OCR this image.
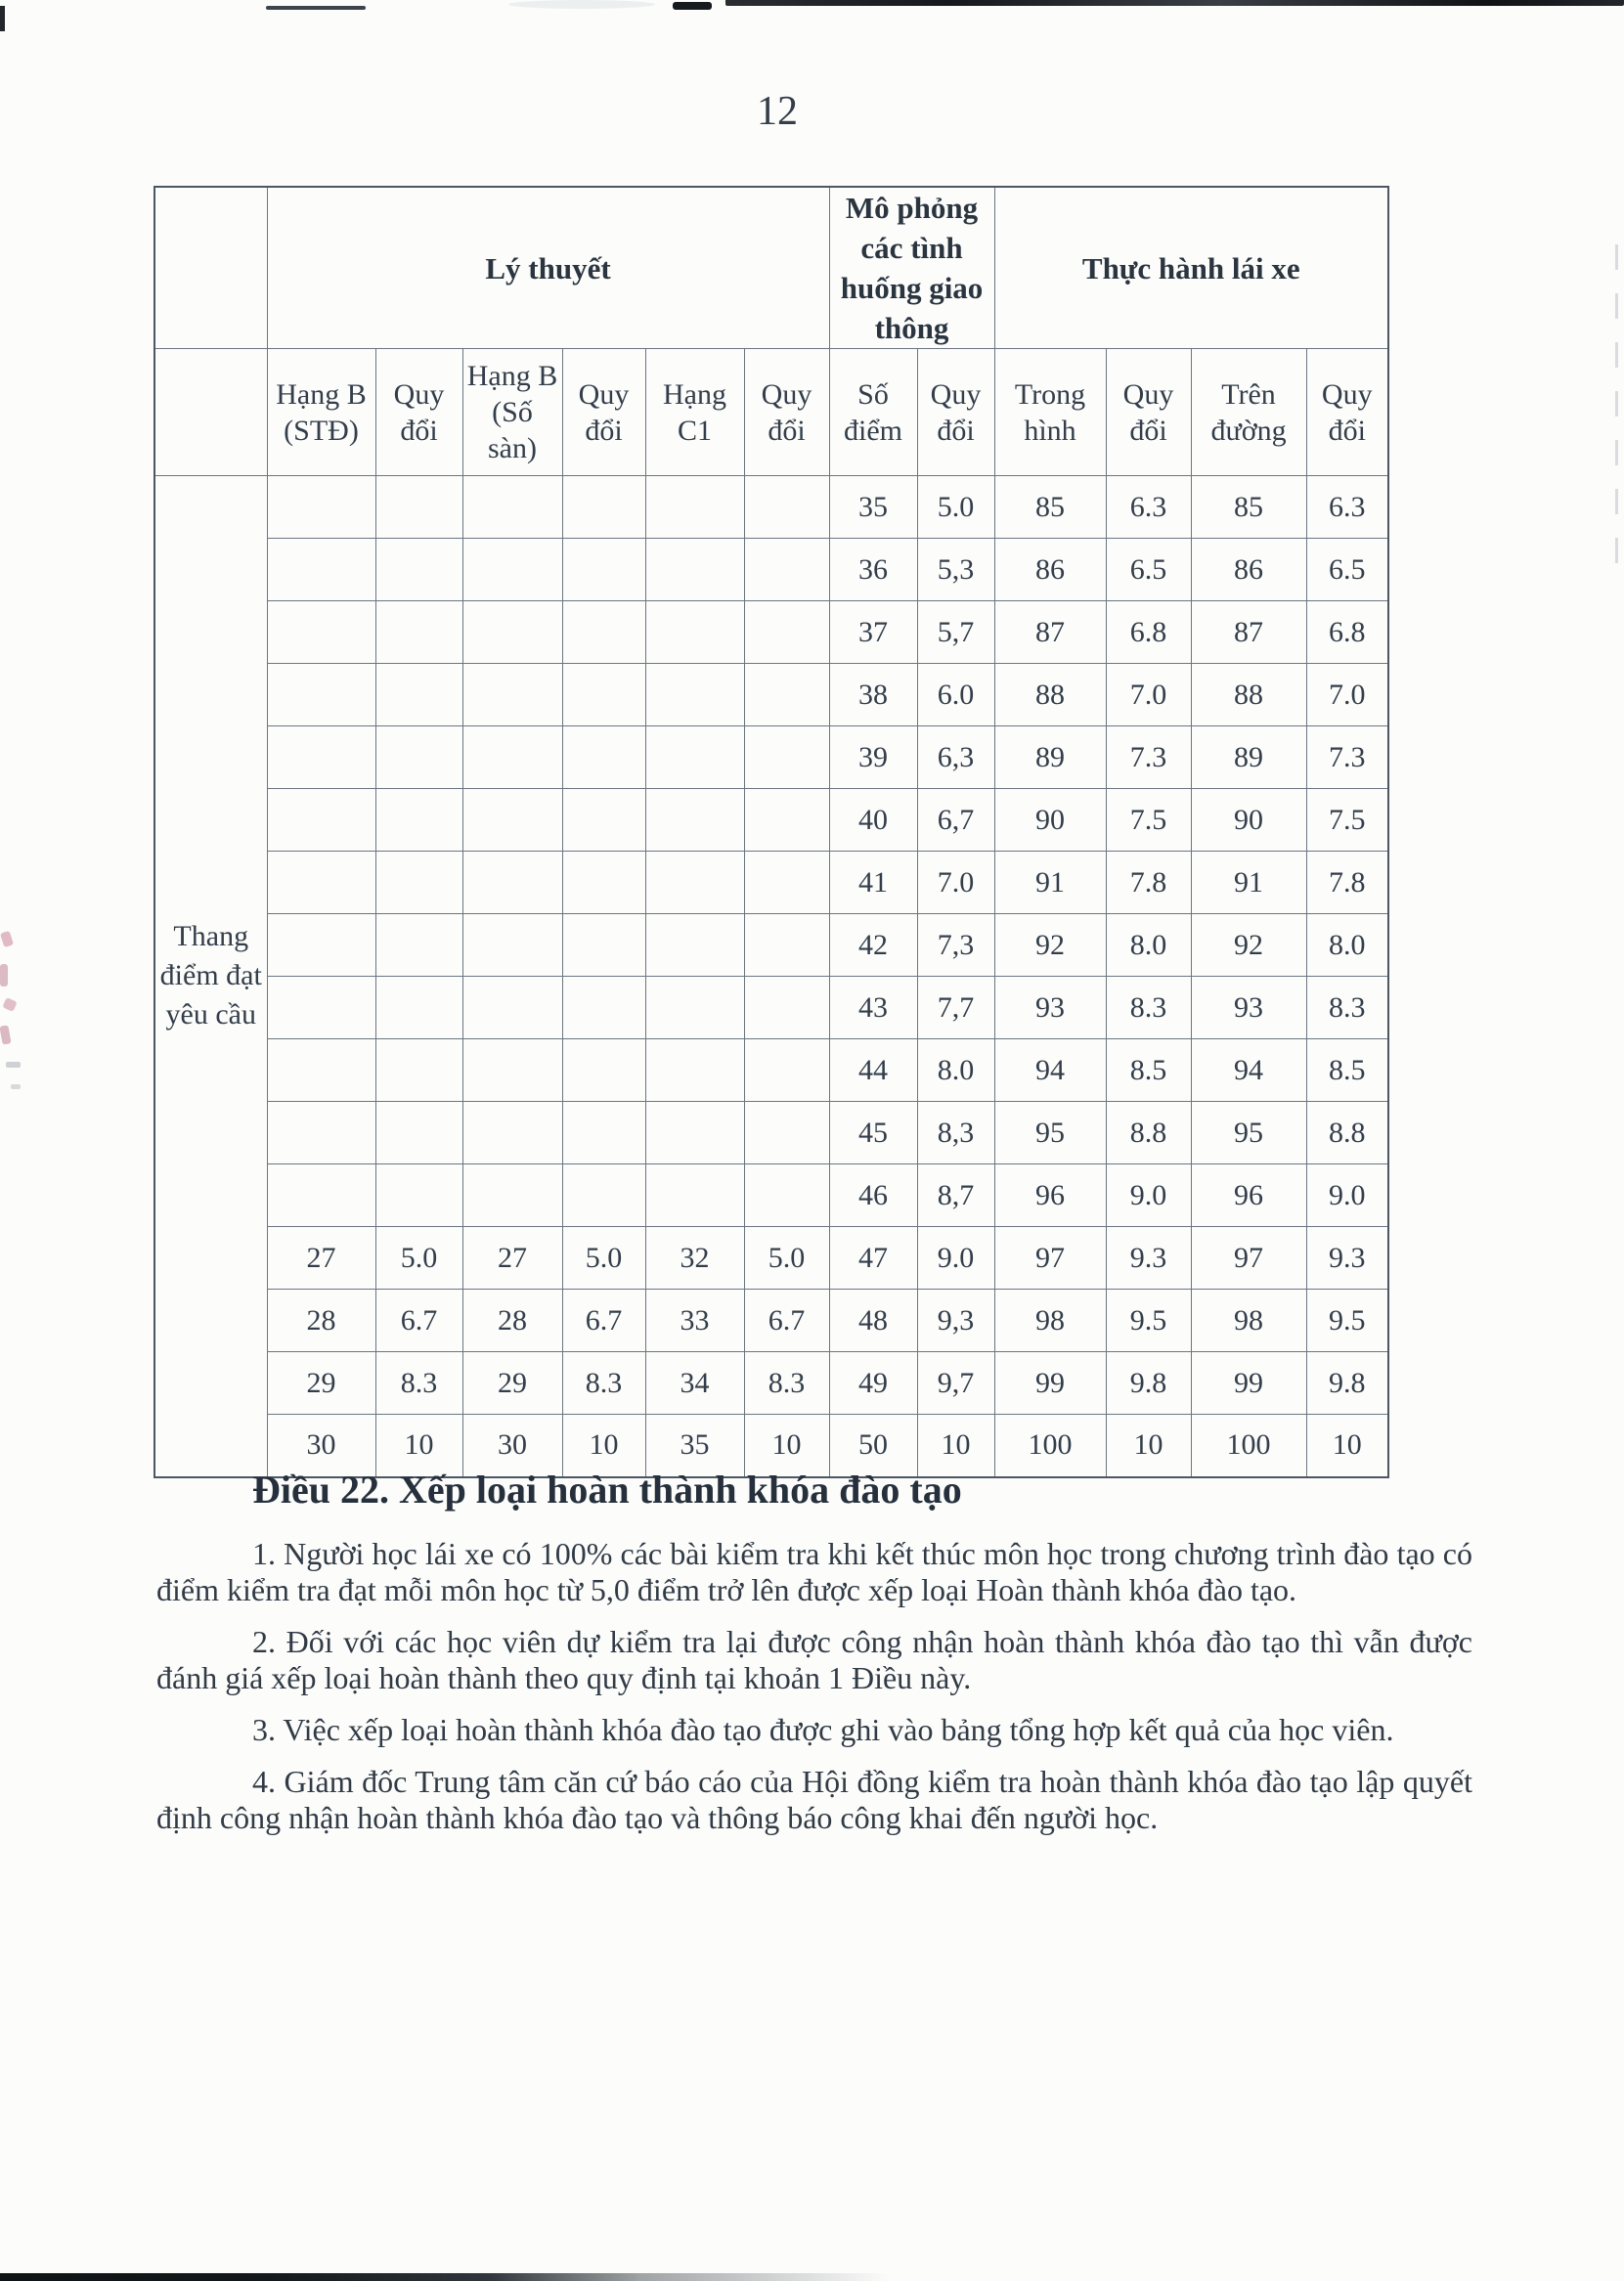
12
	Lý thuyết						Mô phỏng các tình huống giao thông		Thực hành lái xe			
	Hạng B (STĐ)	Quy đổi	Hạng B (Số sàn)	Quy đổi	Hạng C1	Quy đổi	Số điểm	Quy đổi	Trong hình	Quy đổi	Trên đường	Quy đổi
Thang điểm đạt yêu cầu							35	5.0	85	6.3	85	6.3
							36	5,3	86	6.5	86	6.5
							37	5,7	87	6.8	87	6.8
							38	6.0	88	7.0	88	7.0
							39	6,3	89	7.3	89	7.3
							40	6,7	90	7.5	90	7.5
							41	7.0	91	7.8	91	7.8
							42	7,3	92	8.0	92	8.0
							43	7,7	93	8.3	93	8.3
							44	8.0	94	8.5	94	8.5
							45	8,3	95	8.8	95	8.8
							46	8,7	96	9.0	96	9.0
	27	5.0	27	5.0	32	5.0	47	9.0	97	9.3	97	9.3
	28	6.7	28	6.7	33	6.7	48	9,3	98	9.5	98	9.5
	29	8.3	29	8.3	34	8.3	49	9,7	99	9.8	99	9.8
	30	10	30	10	35	10	50	10	100	10	100	10
Điều 22. Xếp loại hoàn thành khóa đào tạo

1. Người học lái xe có 100% các bài kiểm tra khi kết thúc môn học trong chương trình đào tạo có điểm kiểm tra đạt mỗi môn học từ 5,0 điểm trở lên được xếp loại Hoàn thành khóa đào tạo.

2. Đối với các học viên dự kiểm tra lại được công nhận hoàn thành khóa đào tạo thì vẫn được đánh giá xếp loại hoàn thành theo quy định tại khoản 1 Điều này.

3. Việc xếp loại hoàn thành khóa đào tạo được ghi vào bảng tổng hợp kết quả của học viên.

4. Giám đốc Trung tâm căn cứ báo cáo của Hội đồng kiểm tra hoàn thành khóa đào tạo lập quyết định công nhận hoàn thành khóa đào tạo và thông báo công khai đến người học.
